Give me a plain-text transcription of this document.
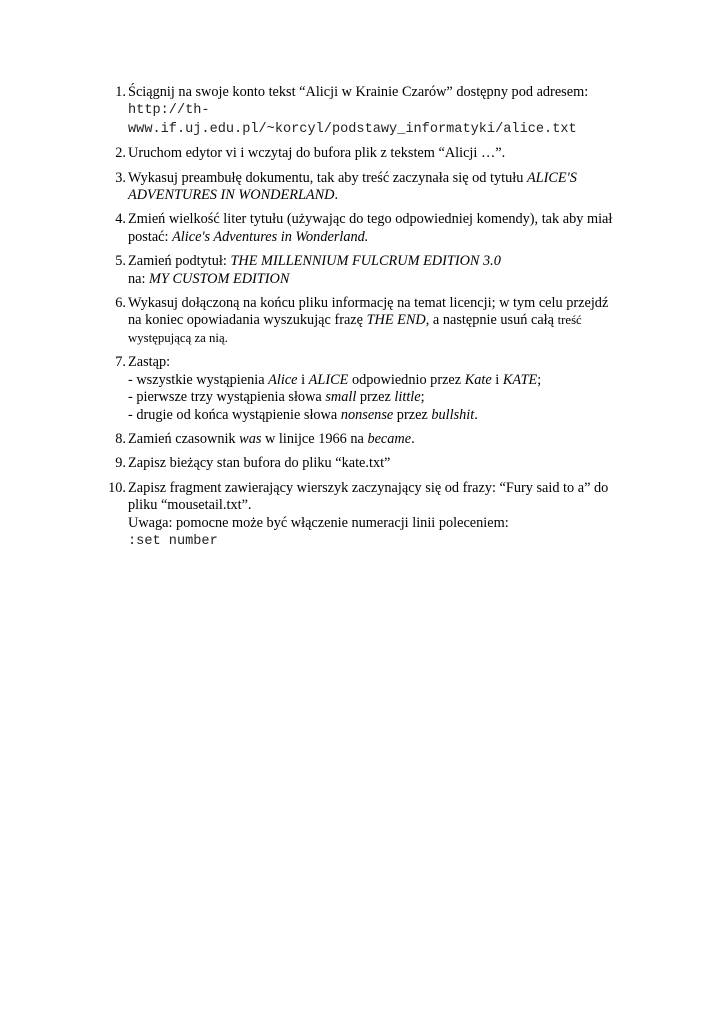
1. Ściągnij na swoje konto tekst “Alicji w Krainie Czarów” dostępny pod adresem:
http://th-
www.if.uj.edu.pl/~korcyl/podstawy_informatyki/alice.txt
2. Uruchom edytor vi i wczytaj do bufora plik z tekstem “Alicji …”.
3. Wykasuj preambułę dokumentu, tak aby treść zaczynała się od tytułu ALICE'S
ADVENTURES IN WONDERLAND.
4. Zmień wielkość liter tytułu (używając do tego odpowiedniej komendy), tak aby miał
postać: Alice's Adventures in Wonderland.
5. Zamień podtytuł: THE MILLENNIUM FULCRUM EDITION 3.0
na: MY CUSTOM EDITION
6. Wykasuj dołączoną na końcu pliku informację na temat licencji; w tym celu przejdź
na koniec opowiadania wyszukując frazę THE END, a następnie usuń całą treść
występującą za nią.
7. Zastąp:
- wszystkie wystąpienia Alice i ALICE odpowiednio przez Kate i KATE;
- pierwsze trzy wystąpienia słowa small przez little;
- drugie od końca wystąpienie słowa nonsense przez bullshit.
8. Zamień czasownik was w linijce 1966 na became.
9. Zapisz bieżący stan bufora do pliku “kate.txt”
10. Zapisz fragment zawierający wierszyk zaczynający się od frazy: “Fury said to a” do
pliku “mousetail.txt”.
Uwaga: pomocne może być włączenie numeracji linii poleceniem:
:set number
